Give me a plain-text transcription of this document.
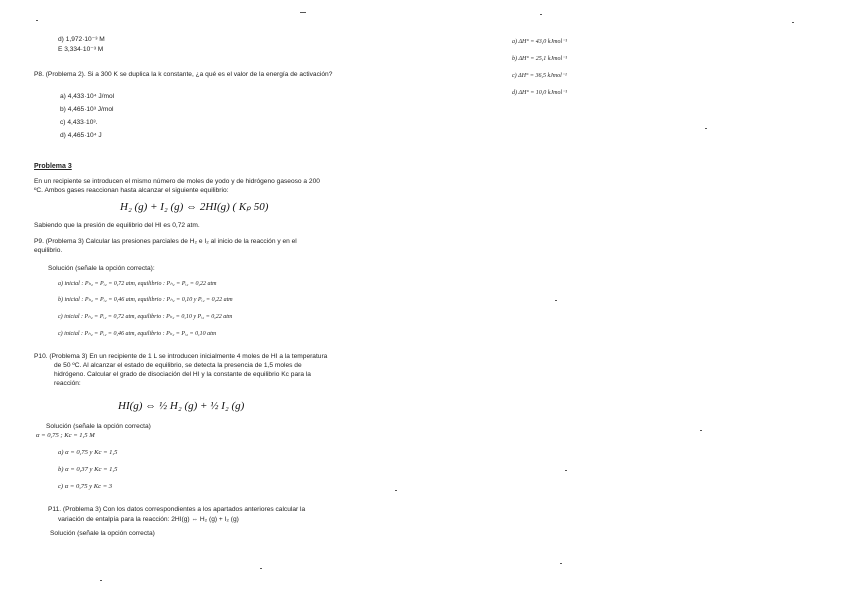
d) 1,972·10⁻³ M
E 3,334·10⁻³ M
P8. (Problema 2). Si a 300 K se duplica la k constante, ¿a qué es el valor de la energía de activación?
a) 4,433·10⁴ J/mol
b) 4,465·10³ J/mol
c) 4,433·10³.
d) 4,465·10⁴ J
Problema 3
En un recipiente se introducen el mismo número de moles de yodo y de hidrógeno gaseoso a 200
ºC. Ambos gases reaccionan hasta alcanzar el siguiente equilibrio:
H₂ (g) + I₂ (g) ⇔ 2HI(g) ( Kₚ 50)
Sabiendo que la presión de equilibrio del HI es 0,72 atm.
P9. (Problema 3) Calcular las presiones parciales de H₂ e I₂ al inicio de la reacción y en el
equilibrio.
Solución (señale la opción correcta):
a) inicial : Pₕ₂ = Pᵢ₂ = 0,72 atm, equilibrio : Pₕ₂ = Pᵢ₂ = 0,22 atm
b) inicial : Pₕ₂ = Pᵢ₂ = 0,46 atm, equilibrio : Pₕ₂ = 0,10 y Pᵢ₂ = 0,22 atm
c) inicial : Pₕ₂ = Pᵢ₂ = 0,72 atm, equilibrio : Pₕ₂ = 0,10 y Pᵢ₂ = 0,22 atm
c) inicial : Pₕ₂ = Pᵢ₂ = 0,46 atm, equilibrio : Pₕ₂ = Pᵢ₂ = 0,10 atm
P10. (Problema 3) En un recipiente de 1 L se introducen inicialmente 4 moles de HI a la temperatura
de 50 ºC. Al alcanzar el estado de equilibrio, se detecta la presencia de 1,5 moles de
hidrógeno. Calcular el grado de disociación del HI y la constante de equilibrio Kc para la
reacción:
HI(g) ⇔ ½ H₂ (g) + ½ I₂ (g)
Solución (señale la opción correcta)
α = 0,75 ; Kc = 1,5 M
a) α = 0,75 y Kc = 1,5
b) α = 0,37 y Kc = 1,5
c) α = 0,75 y Kc = 3
P11. (Problema 3) Con los datos correspondientes a los apartados anteriores calcular la
variación de entalpía para la reacción: 2HI(g) ⇔ H₂ (g) + I₂ (g)
Solución (señale la opción correcta)
a) ΔH° = 43,0 kJmol⁻¹
b) ΔH° = 25,1 kJmol⁻¹
c) ΔH° = 36,5 kJmol⁻¹
d) ΔH° = 10,0 kJmol⁻¹
